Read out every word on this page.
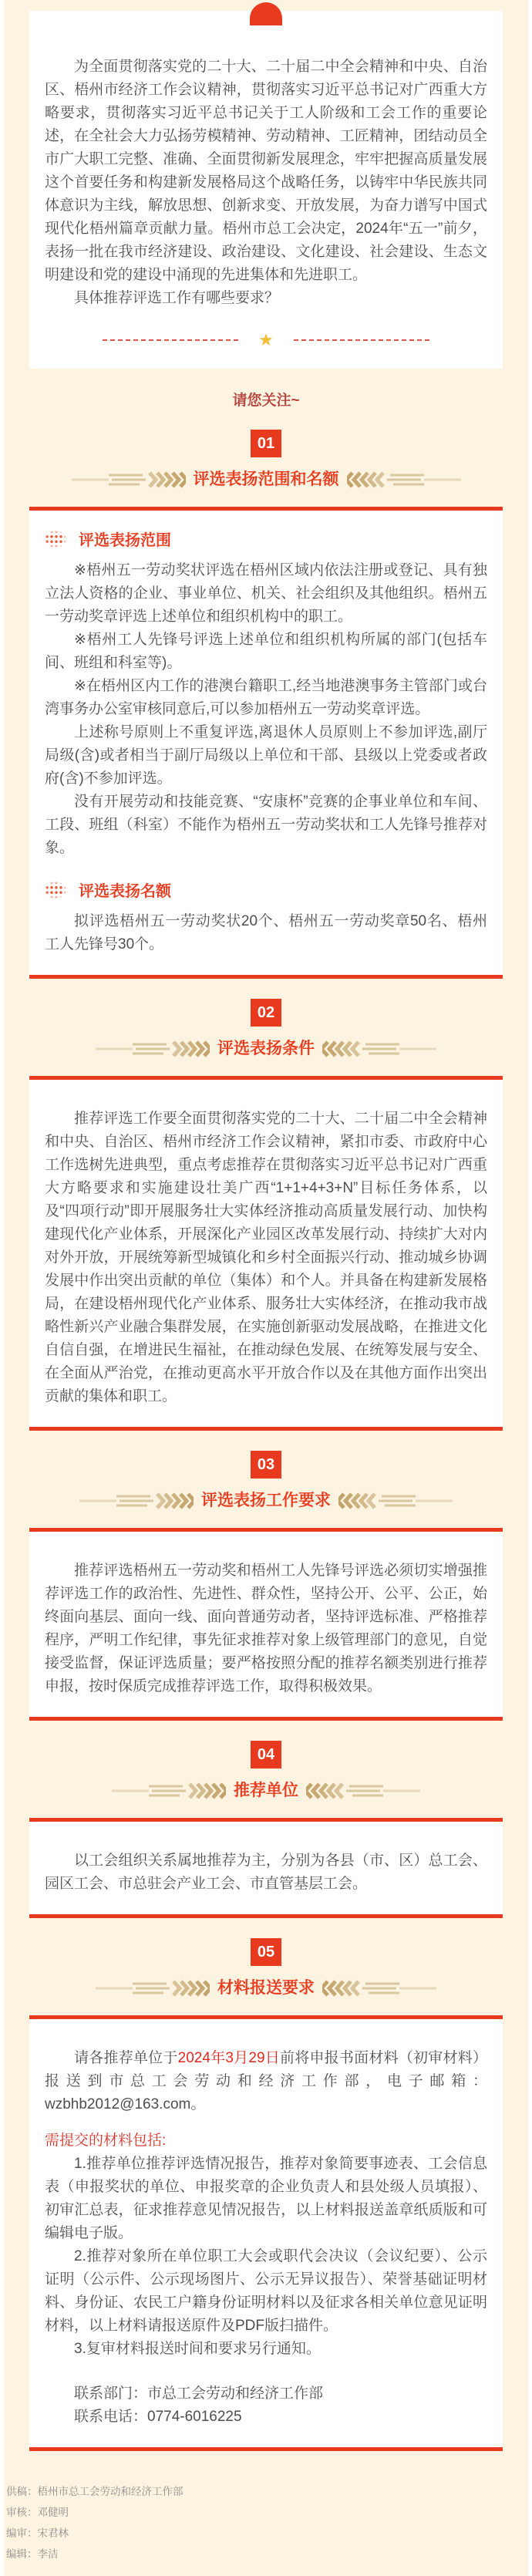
为全面贯彻落实党的二十大、二十届二中全会精神和中央、自治区、梧州市经济工作会议精神，贯彻落实习近平总书记对广西重大方略要求，贯彻落实习近平总书记关于工人阶级和工会工作的重要论述，在全社会大力弘扬劳模精神、劳动精神、工匠精神，团结动员全市广大职工完整、准确、全面贯彻新发展理念，牢牢把握高质量发展这个首要任务和构建新发展格局这个战略任务，以铸牢中华民族共同体意识为主线，解放思想、创新求变、开放发展，为奋力谱写中国式现代化梧州篇章贡献力量。梧州市总工会决定，2024年“五一”前夕，表扬一批在我市经济建设、政治建设、文化建设、社会建设、生态文明建设和党的建设中涌现的先进集体和先进职工。

具体推荐评选工作有哪些要求？

★

请您关注~

01
评选表扬范围和名额
评选表扬范围

※梧州五一劳动奖状评选在梧州区域内依法注册或登记、具有独立法人资格的企业、事业单位、机关、社会组织及其他组织。梧州五一劳动奖章评选上述单位和组织机构中的职工。

※梧州工人先锋号评选上述单位和组织机构所属的部门(包括车间、班组和科室等)。

※在梧州区内工作的港澳台籍职工,经当地港澳事务主管部门或台湾事务办公室审核同意后,可以参加梧州五一劳动奖章评选。

上述称号原则上不重复评选,离退休人员原则上不参加评选,副厅局级(含)或者相当于副厅局级以上单位和干部、县级以上党委或者政府(含)不参加评选。

没有开展劳动和技能竞赛、“安康杯”竞赛的企事业单位和车间、工段、班组（科室）不能作为梧州五一劳动奖状和工人先锋号推荐对象。

评选表扬名额

拟评选梧州五一劳动奖状20个、梧州五一劳动奖章50名、梧州工人先锋号30个。

02
评选表扬条件

推荐评选工作要全面贯彻落实党的二十大、二十届二中全会精神和中央、自治区、梧州市经济工作会议精神，紧扣市委、市政府中心工作选树先进典型，重点考虑推荐在贯彻落实习近平总书记对广西重大方略要求和实施建设壮美广西“1+1+4+3+N”目标任务体系，以及“四项行动”即开展服务壮大实体经济推动高质量发展行动、加快构建现代化产业体系，开展深化产业园区改革发展行动、持续扩大对内对外开放，开展统筹新型城镇化和乡村全面振兴行动、推动城乡协调发展中作出突出贡献的单位（集体）和个人。并具备在构建新发展格局，在建设梧州现代化产业体系、服务壮大实体经济，在推动我市战略性新兴产业融合集群发展，在实施创新驱动发展战略，在推进文化自信自强，在增进民生福祉，在推动绿色发展、在统筹发展与安全、在全面从严治党，在推动更高水平开放合作以及在其他方面作出突出贡献的集体和职工。

03
评选表扬工作要求

推荐评选梧州五一劳动奖和梧州工人先锋号评选必须切实增强推荐评选工作的政治性、先进性、群众性，坚持公开、公平、公正，始终面向基层、面向一线、面向普通劳动者，坚持评选标准、严格推荐程序，严明工作纪律，事先征求推荐对象上级管理部门的意见，自觉接受监督，保证评选质量；要严格按照分配的推荐名额类别进行推荐申报，按时保质完成推荐评选工作，取得积极效果。

04
推荐单位

以工会组织关系属地推荐为主，分别为各县（市、区）总工会、园区工会、市总驻会产业工会、市直管基层工会。

05
材料报送要求

请各推荐单位于2024年3月29日前将申报书面材料（初审材料）报送到市总工会劳动和经济工作部，电子邮箱：wzbhb2012@163.com。

需提交的材料包括:

1.推荐单位推荐评选情况报告，推荐对象简要事迹表、工会信息表（申报奖状的单位、申报奖章的企业负责人和县处级人员填报）、初审汇总表，征求推荐意见情况报告，以上材料报送盖章纸质版和可编辑电子版。

2.推荐对象所在单位职工大会或职代会决议（会议纪要）、公示证明（公示件、公示现场图片、公示无异议报告）、荣誉基础证明材料、身份证、农民工户籍身份证明材料以及征求各相关单位意见证明材料，以上材料请报送原件及PDF版扫描件。

3.复审材料报送时间和要求另行通知。

联系部门：市总工会劳动和经济工作部

联系电话：0774-6016225

供稿：梧州市总工会劳动和经济工作部

审核：邓健明

编审：宋君林

编辑：李洁
